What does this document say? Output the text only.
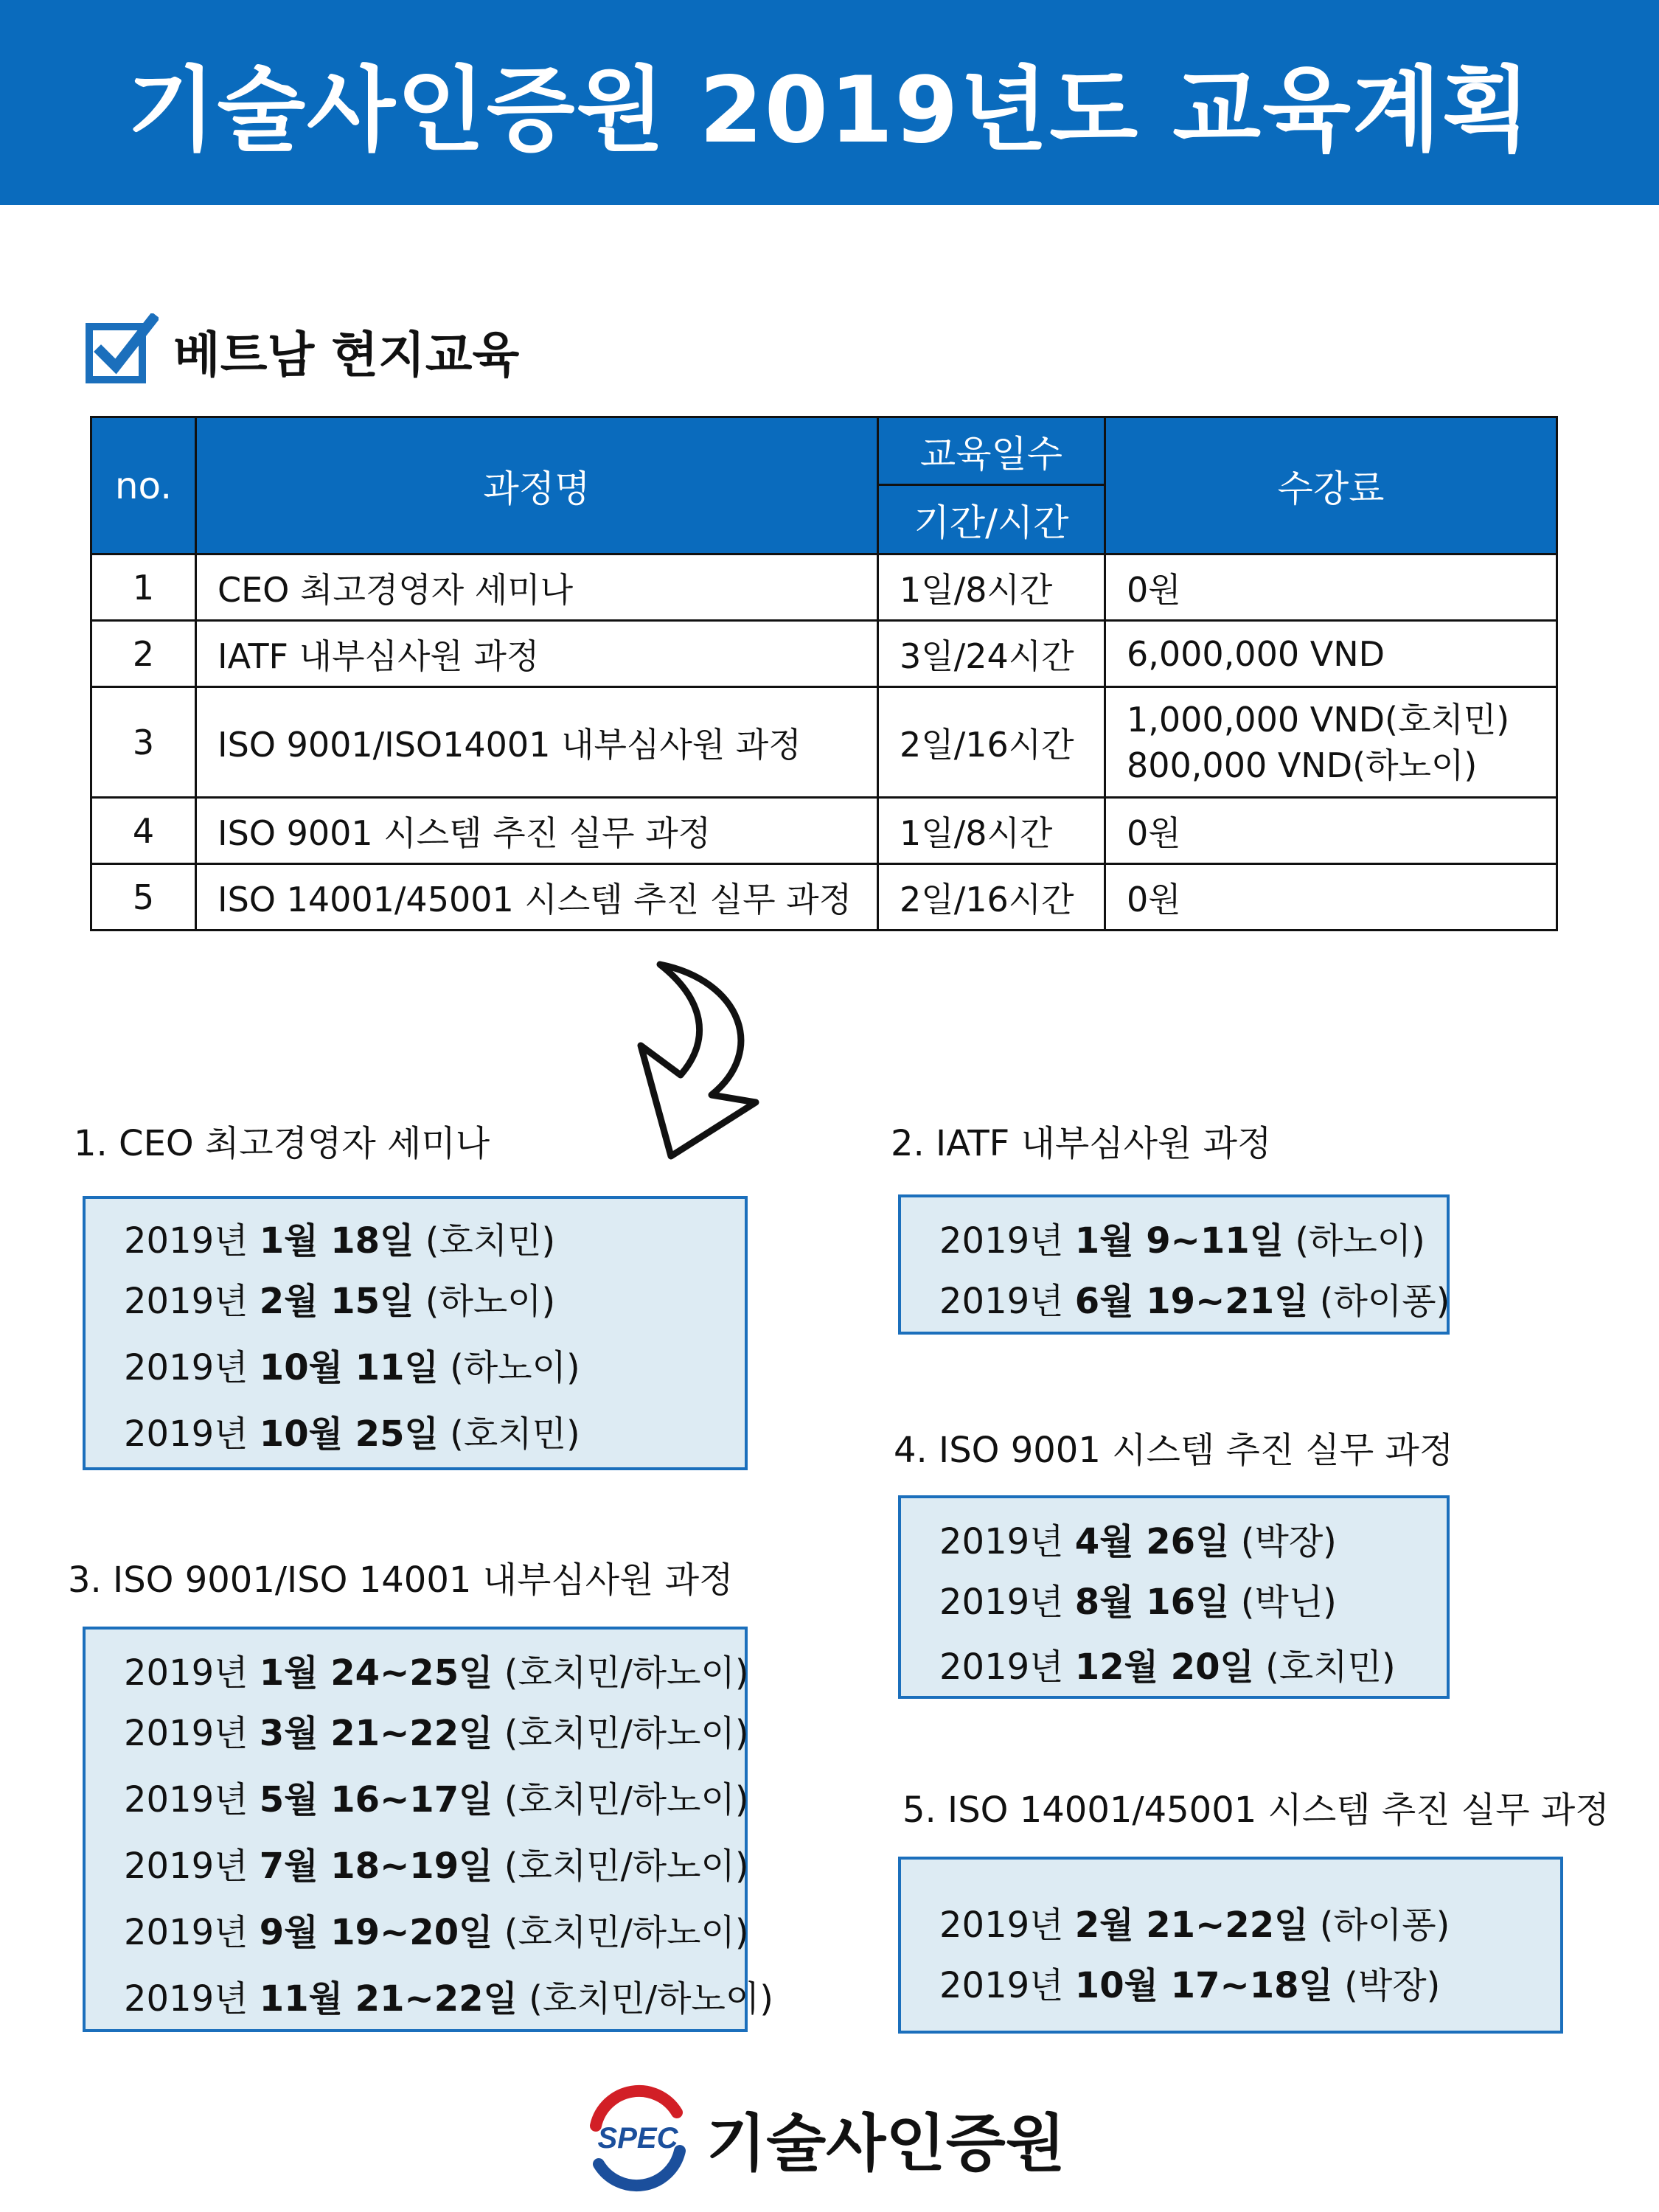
기술사인증원 2019년도 교육계획
베트남 현지교육
no.	과정명	교육일수	수강료
		기간/시간	
1	CEO 최고경영자 세미나	1일/8시간	0원
2	IATF 내부심사원 과정	3일/24시간	6,000,000 VND
3	ISO 9001/ISO14001 내부심사원 과정	2일/16시간	1,000,000 VND(호치민)
800,000 VND(하노이)

4	ISO 9001 시스템 추진 실무 과정	1일/8시간	0원
5	ISO 14001/45001 시스템 추진 실무 과정	2일/16시간	0원
1. CEO 최고경영자 세미나
2019년 1월 18일 (호치민)
2019년 2월 15일 (하노이)
2019년 10월 11일 (하노이)
2019년 10월 25일 (호치민)
2. IATF 내부심사원 과정
2019년 1월 9~11일 (하노이)
2019년 6월 19~21일 (하이퐁)
3. ISO 9001/ISO 14001 내부심사원 과정
2019년 1월 24~25일 (호치민/하노이)
2019년 3월 21~22일 (호치민/하노이)
2019년 5월 16~17일 (호치민/하노이)
2019년 7월 18~19일 (호치민/하노이)
2019년 9월 19~20일 (호치민/하노이)
2019년 11월 21~22일 (호치민/하노이)
4. ISO 9001 시스템 추진 실무 과정
2019년 4월 26일 (박장)
2019년 8월 16일 (박닌)
2019년 12월 20일 (호치민)
5. ISO 14001/45001 시스템 추진 실무 과정
2019년 2월 21~22일 (하이퐁)
2019년 10월 17~18일 (박장)
SPEC 기술사인증원
